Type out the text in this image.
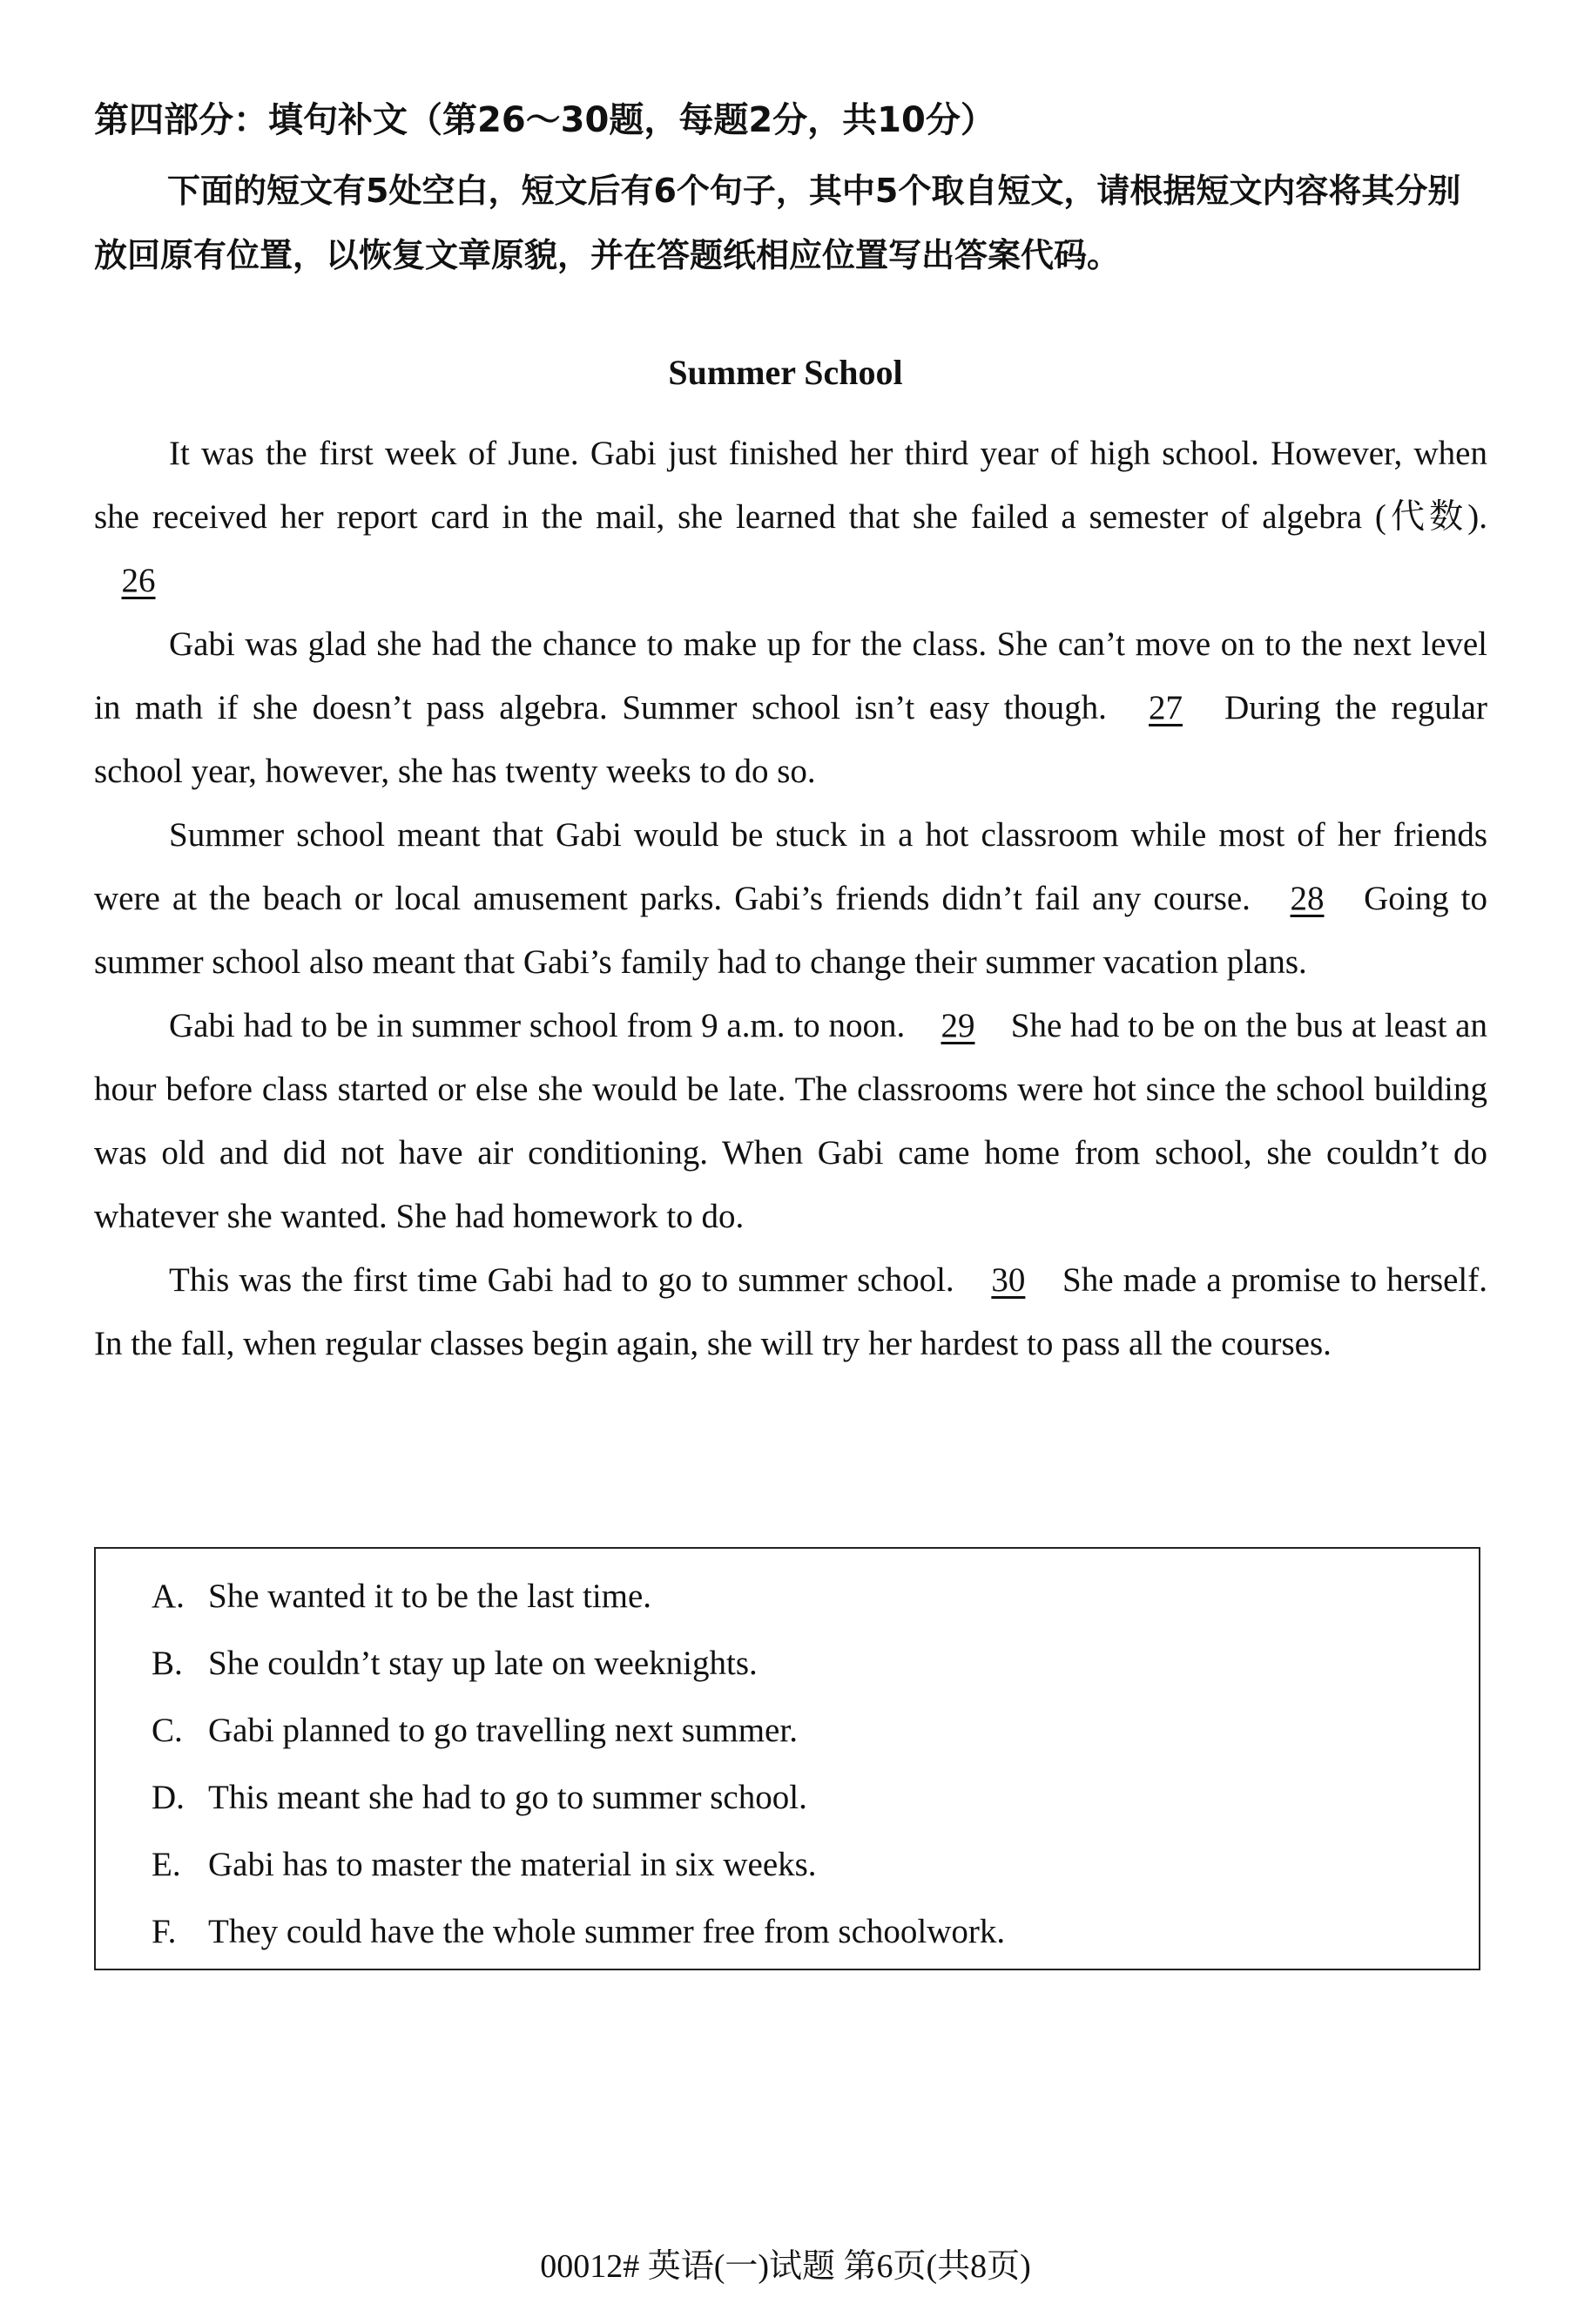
第四部分：填句补文（第26～30题，每题2分，共10分）

下面的短文有5处空白，短文后有6个句子，其中5个取自短文，请根据短文内容将其分别放回原有位置，以恢复文章原貌，并在答题纸相应位置写出答案代码。

Summer School

It was the first week of June. Gabi just finished her third year of high school. However, when she received her report card in the mail, she learned that she failed a semester of algebra (代数). 26

Gabi was glad she had the chance to make up for the class. She can’t move on to the next level in math if she doesn’t pass algebra. Summer school isn’t easy though. 27 During the regular school year, however, she has twenty weeks to do so.

Summer school meant that Gabi would be stuck in a hot classroom while most of her friends were at the beach or local amusement parks. Gabi’s friends didn’t fail any course. 28 Going to summer school also meant that Gabi’s family had to change their summer vacation plans.

Gabi had to be in summer school from 9 a.m. to noon. 29 She had to be on the bus at least an hour before class started or else she would be late. The classrooms were hot since the school building was old and did not have air conditioning. When Gabi came home from school, she couldn’t do whatever she wanted. She had homework to do.

This was the first time Gabi had to go to summer school. 30 She made a promise to herself. In the fall, when regular classes begin again, she will try her hardest to pass all the courses.

A. She wanted it to be the last time.
B. She couldn’t stay up late on weeknights.
C. Gabi planned to go travelling next summer.
D. This meant she had to go to summer school.
E. Gabi has to master the material in six weeks.
F. They could have the whole summer free from schoolwork.
00012# 英语(一)试题 第6页(共8页)
